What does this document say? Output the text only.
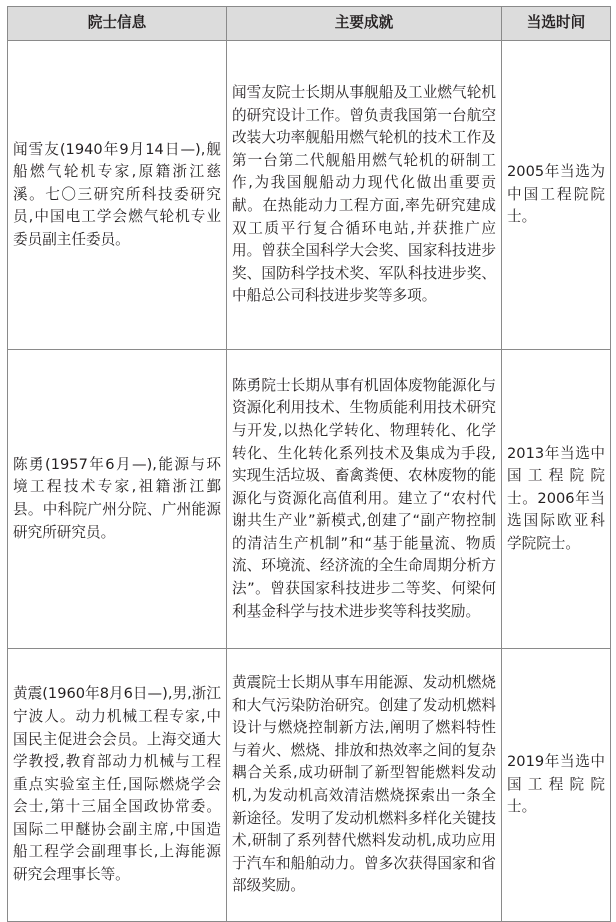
院士信息	主要成就	当选时间
闻雪友(1940年9月14日—),舰船燃气轮机专家,原籍浙江慈溪。七〇三研究所科技委研究员,中国电工学会燃气轮机专业委员副主任委员。	闻雪友院士长期从事舰船及工业燃气轮机的研究设计工作。曾负责我国第一台航空改装大功率舰船用燃气轮机的技术工作及第一台第二代舰船用燃气轮机的研制工作,为我国舰船动力现代化做出重要贡献。在热能动力工程方面,率先研究建成双工质平行复合循环电站,并获推广应用。曾获全国科学大会奖、国家科技进步奖、国防科学技术奖、军队科技进步奖、中船总公司科技进步奖等多项。	2005年当选为中国工程院院士。
陈勇(1957年6月—),能源与环境工程技术专家,祖籍浙江鄞县。中科院广州分院、广州能源研究所研究员。	陈勇院士长期从事有机固体废物能源化与资源化利用技术、生物质能利用技术研究与开发,以热化学转化、物理转化、化学转化、生化转化系列技术及集成为手段,实现生活垃圾、畜禽粪便、农林废物的能源化与资源化高值利用。建立了“农村代谢共生产业”新模式,创建了“副产物控制的清洁生产机制”和“基于能量流、物质流、环境流、经济流的全生命周期分析方法”。曾获国家科技进步二等奖、何梁何利基金科学与技术进步奖等科技奖励。	2013年当选中国工程院院士。2006年当选国际欧亚科学院院士。
黄震(1960年8月6日—),男,浙江宁波人。动力机械工程专家,中国民主促进会会员。上海交通大学教授,教育部动力机械与工程重点实验室主任,国际燃烧学会会士,第十三届全国政协常委。国际二甲醚协会副主席,中国造船工程学会副理事长,上海能源研究会理事长等。	黄震院士长期从事车用能源、发动机燃烧和大气污染防治研究。创建了发动机燃料设计与燃烧控制新方法,阐明了燃料特性与着火、燃烧、排放和热效率之间的复杂耦合关系,成功研制了新型智能燃料发动机,为发动机高效清洁燃烧探索出一条全新途径。发明了发动机燃料多样化关键技术,研制了系列替代燃料发动机,成功应用于汽车和船舶动力。曾多次获得国家和省部级奖励。	2019年当选中国工程院院士。
